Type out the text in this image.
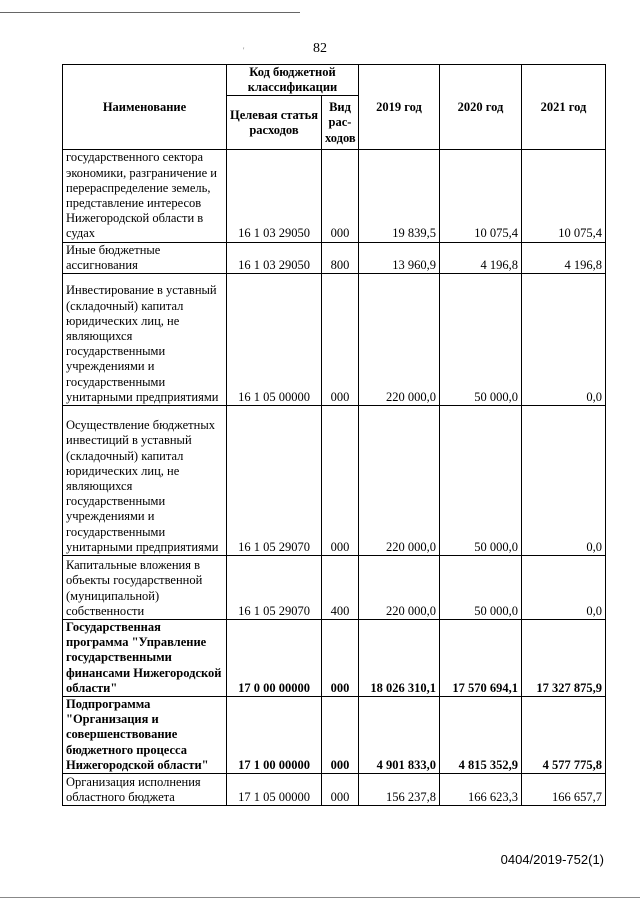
82
'
Наименование	Код бюджетной классификации		2019 год	2020 год	2021 год
	Целевая статья расходов	Вид рас-ходов			
государственного сектора экономики, разграничение и перераспределение земель, представление интересов Нижегородской области в судах	16 1 03 29050	000	19 839,5	10 075,4	10 075,4
Иные бюджетные ассигнования	16 1 03 29050	800	13 960,9	4 196,8	4 196,8
Инвестирование в уставный (складочный) капитал юридических лиц, не являющихся государственными учреждениями и государственными унитарными предприятиями	16 1 05 00000	000	220 000,0	50 000,0	0,0
Осуществление бюджетных инвестиций в уставный (складочный) капитал юридических лиц, не являющихся государственными учреждениями и государственными унитарными предприятиями	16 1 05 29070	000	220 000,0	50 000,0	0,0
Капитальные вложения в объекты государственной (муниципальной) собственности	16 1 05 29070	400	220 000,0	50 000,0	0,0
Государственная программа "Управление государственными финансами Нижегородской области"	17 0 00 00000	000	18 026 310,1	17 570 694,1	17 327 875,9
Подпрограмма "Организация и совершенствование бюджетного процесса Нижегородской области"	17 1 00 00000	000	4 901 833,0	4 815 352,9	4 577 775,8
Организация исполнения областного бюджета	17 1 05 00000	000	156 237,8	166 623,3	166 657,7
0404/2019-752(1)
